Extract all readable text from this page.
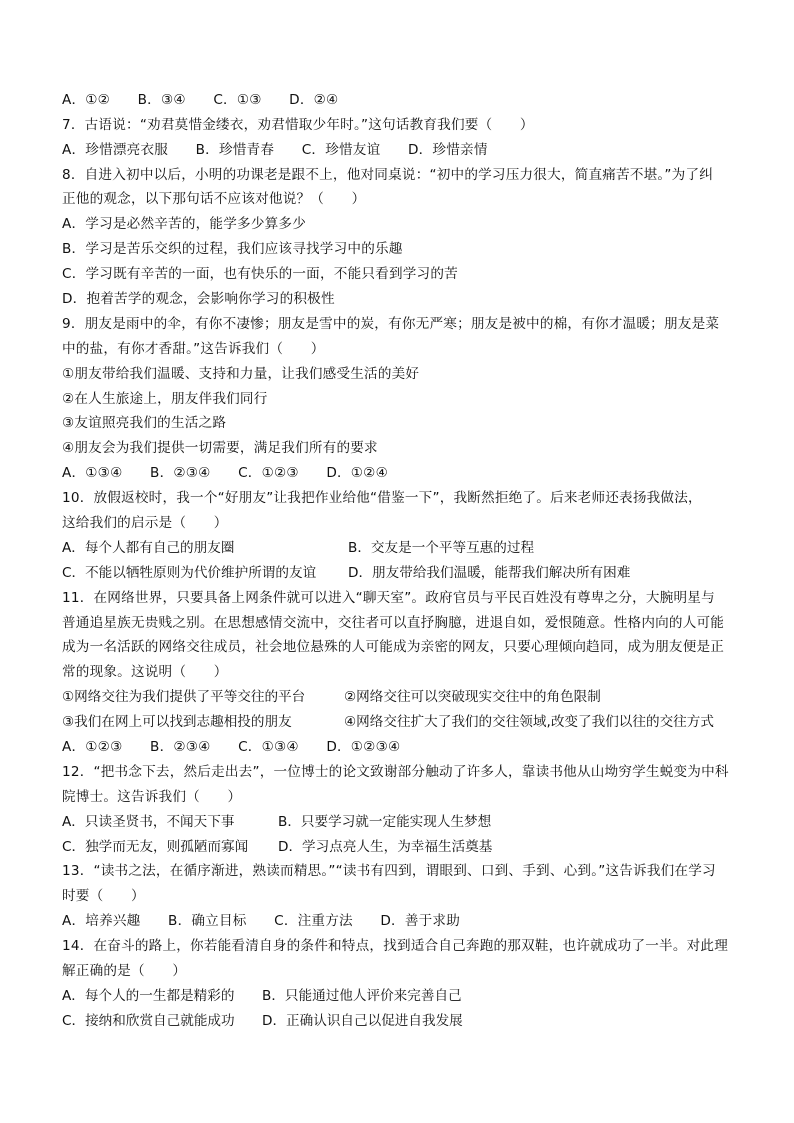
A．①②　　B．③④　　C．①③　　D．②④
7．古语说：“劝君莫惜金缕衣，劝君惜取少年时。”这句话教育我们要（　　）
A．珍惜漂亮衣服　　B．珍惜青春　　C．珍惜友谊　　D．珍惜亲情
8．自进入初中以后，小明的功课老是跟不上，他对同桌说：“初中的学习压力很大，简直痛苦不堪。”为了纠
正他的观念，以下那句话不应该对他说？（　　）
A．学习是必然辛苦的，能学多少算多少
B．学习是苦乐交织的过程，我们应该寻找学习中的乐趣
C．学习既有辛苦的一面，也有快乐的一面，不能只看到学习的苦
D．抱着苦学的观念，会影响你学习的积极性
9．朋友是雨中的伞，有你不凄惨；朋友是雪中的炭，有你无严寒；朋友是被中的棉，有你才温暖；朋友是菜
中的盐，有你才香甜。”这告诉我们（　　）
①朋友带给我们温暖、支持和力量，让我们感受生活的美好
②在人生旅途上，朋友伴我们同行
③友谊照亮我们的生活之路
④朋友会为我们提供一切需要，满足我们所有的要求
A．①③④　　B．②③④　　C．①②③　　D．①②④
10．放假返校时，我一个“好朋友”让我把作业给他“借鉴一下”，我断然拒绝了。后来老师还表扬我做法，
这给我们的启示是（　　）
A．每个人都有自己的朋友圈	B．交友是一个平等互惠的过程
C．不能以牺牲原则为代价维护所谓的友谊 D．朋友带给我们温暖，能帮我们解决所有困难
11．在网络世界，只要具备上网条件就可以进入“聊天室”。政府官员与平民百姓没有尊卑之分，大腕明星与
普通追星族无贵贱之别。在思想感情交流中，交往者可以直抒胸臆，进退自如，爱恨随意。性格内向的人可能
成为一名活跃的网络交往成员，社会地位悬殊的人可能成为亲密的网友，只要心理倾向趋同，成为朋友便是正
常的现象。这说明（　　）
①网络交往为我们提供了平等交往的平台	②网络交往可以突破现实交往中的角色限制
③我们在网上可以找到志趣相投的朋友	④网络交往扩大了我们的交往领域,改变了我们以往的交往方式
A．①②③　　B．②③④　　C．①③④　　D．①②③④
12．“把书念下去，然后走出去”，一位博士的论文致谢部分触动了许多人，靠读书他从山坳穷学生蜕变为中科
院博士。这告诉我们（　　）
A．只读圣贤书，不闻天下事	B．只要学习就一定能实现人生梦想
C．独学而无友，则孤陋而寡闻 D．学习点亮人生，为幸福生活奠基
13．“读书之法，在循序渐进，熟读而精思。”“读书有四到，谓眼到、口到、手到、心到。”这告诉我们在学习
时要（　　）
A．培养兴趣　　B．确立目标　　C．注重方法　　D．善于求助
14．在奋斗的路上，你若能看清自身的条件和特点，找到适合自己奔跑的那双鞋，也许就成功了一半。对此理
解正确的是（　　）
A．每个人的一生都是精彩的 B．只能通过他人评价来完善自己
C．接纳和欣赏自己就能成功 D．正确认识自己以促进自我发展
